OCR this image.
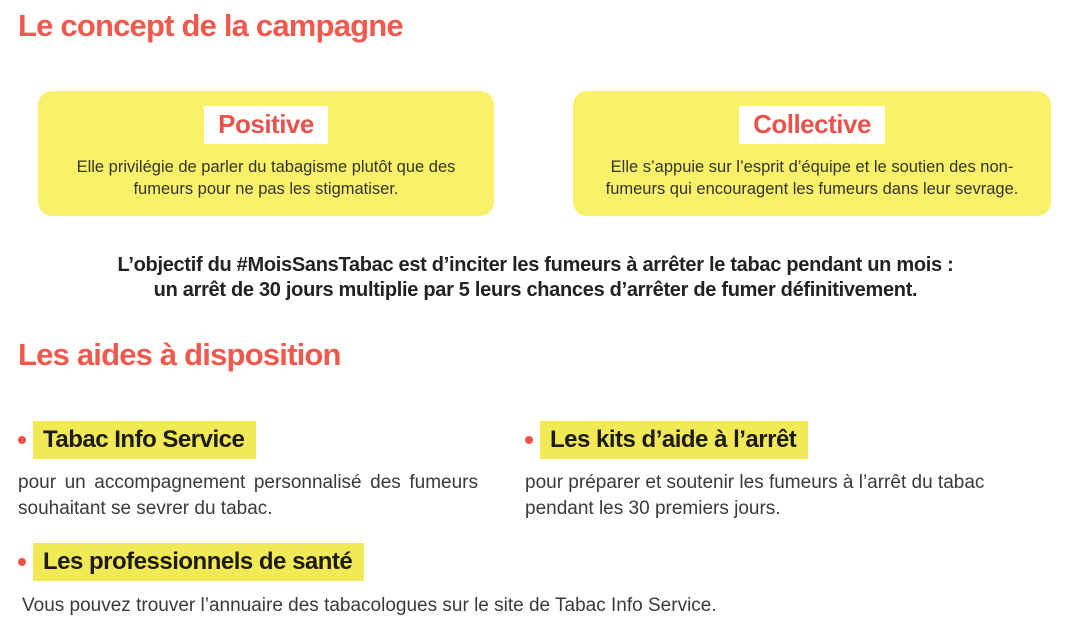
Le concept de la campagne
Positive

Elle privilégie de parler du tabagisme plutôt que des fumeurs pour ne pas les stigmatiser.

Collective

Elle s’appuie sur l’esprit d’équipe et le soutien des non-fumeurs qui encouragent les fumeurs dans leur sevrage.

L’objectif du #MoisSansTabac est d’inciter les fumeurs à arrêter le tabac pendant un mois :
un arrêt de 30 jours multiplie par 5 leurs chances d’arrêter de fumer définitivement.

Les aides à disposition
Tabac Info Service

pour un accompagnement personnalisé des fumeurs souhaitant se sevrer du tabac.

Les kits d’aide à l’arrêt

pour préparer et soutenir les fumeurs à l’arrêt du tabac pendant les 30 premiers jours.

Les professionnels de santé

Vous pouvez trouver l’annuaire des tabacologues sur le site de Tabac Info Service.
